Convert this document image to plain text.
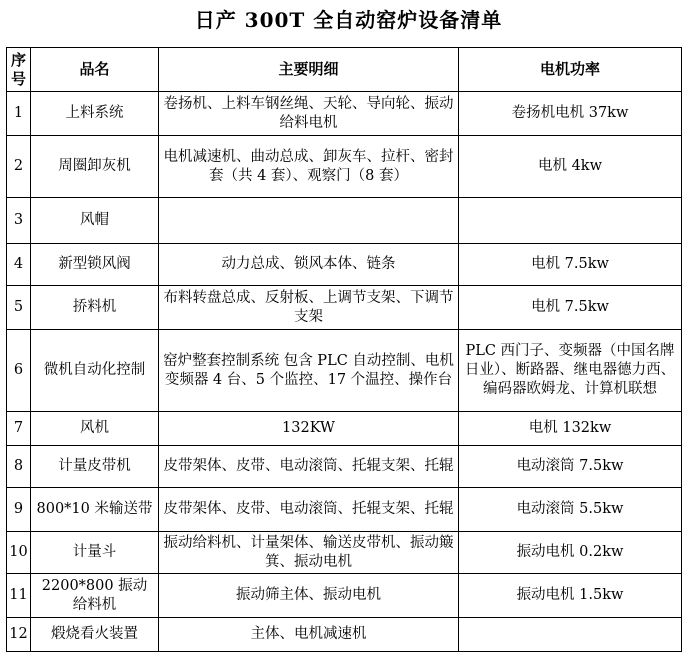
日产 300T 全自动窑炉设备清单
序号	品名	主要明细	电机功率
1	上料系统	卷扬机、上料车钢丝绳、天轮、导向轮、振动给料电机	卷扬机电机 37kw
2	周圈卸灰机	电机减速机、曲动总成、卸灰车、拉杆、密封套（共 4 套）、观察门（8 套）	电机 4kw
3	风帽		
4	新型锁风阀	动力总成、锁风本体、链条	电机 7.5kw
5	挢料机	布料转盘总成、反射板、上调节支架、下调节支架	电机 7.5kw
6	微机自动化控制	窑炉整套控制系统 包含 PLC 自动控制、电机变频器 4 台、5 个监控、17 个温控、操作台	PLC 西门子、变频器（中国名牌日业）、断路器、继电器德力西、编码器欧姆龙、计算机联想
7	风机	132KW	电机 132kw
8	计量皮带机	皮带架体、皮带、电动滚筒、托辊支架、托辊	电动滚筒 7.5kw
9	800*10 米输送带	皮带架体、皮带、电动滚筒、托辊支架、托辊	电动滚筒 5.5kw
10	计量斗	振动给料机、计量架体、输送皮带机、振动簸箕、振动电机	振动电机 0.2kw
11	2200*800 振动给料机	振动筛主体、振动电机	振动电机 1.5kw
12	煅烧看火装置	主体、电机减速机	
